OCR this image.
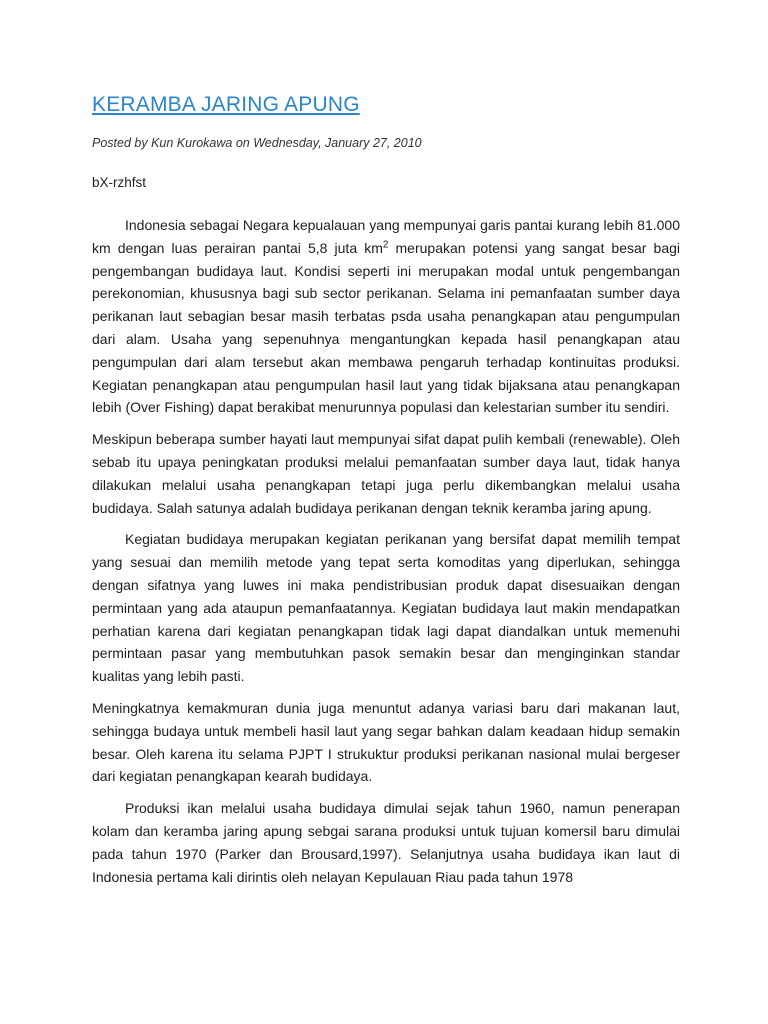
KERAMBA JARING APUNG

Posted by Kun Kurokawa on Wednesday, January 27, 2010

bX-rzhfst

Indonesia sebagai Negara kepualauan yang mempunyai garis pantai kurang lebih 81.000 km dengan luas perairan pantai 5,8 juta $km^2$ merupakan potensi yang sangat besar bagi pengembangan budidaya laut. Kondisi seperti ini merupakan modal untuk pengembangan perekonomian, khususnya bagi sub sector perikanan. Selama ini pemanfaatan sumber daya perikanan laut sebagian besar masih terbatas psda usaha penangkapan atau pengumpulan dari alam. Usaha yang sepenuhnya mengantungkan kepada hasil penangkapan atau pengumpulan dari alam tersebut akan membawa pengaruh terhadap kontinuitas produksi. Kegiatan penangkapan atau pengumpulan hasil laut yang tidak bijaksana atau penangkapan lebih (Over Fishing) dapat berakibat menurunnya populasi dan kelestarian sumber itu sendiri.

Meskipun beberapa sumber hayati laut mempunyai sifat dapat pulih kembali (renewable). Oleh sebab itu upaya peningkatan produksi melalui pemanfaatan sumber daya laut, tidak hanya dilakukan melalui usaha penangkapan tetapi juga perlu dikembangkan melalui usaha budidaya. Salah satunya adalah budidaya perikanan dengan teknik keramba jaring apung.

Kegiatan budidaya merupakan kegiatan perikanan yang bersifat dapat memilih tempat yang sesuai dan memilih metode yang tepat serta komoditas yang diperlukan, sehingga dengan sifatnya yang luwes ini maka pendistribusian produk dapat disesuaikan dengan permintaan yang ada ataupun pemanfaatannya. Kegiatan budidaya laut makin mendapatkan perhatian karena dari kegiatan penangkapan tidak lagi dapat diandalkan untuk memenuhi permintaan pasar yang membutuhkan pasok semakin besar dan menginginkan standar kualitas yang lebih pasti.

Meningkatnya kemakmuran dunia juga menuntut adanya variasi baru dari makanan laut, sehingga budaya untuk membeli hasil laut yang segar bahkan dalam keadaan hidup semakin besar. Oleh karena itu selama PJPT I strukuktur produksi perikanan nasional mulai bergeser dari kegiatan penangkapan kearah budidaya.

Produksi ikan melalui usaha budidaya dimulai sejak tahun 1960, namun penerapan kolam dan keramba jaring apung sebgai sarana produksi untuk tujuan komersil baru dimulai pada tahun 1970 (Parker dan Brousard,1997). Selanjutnya usaha budidaya ikan laut di Indonesia pertama kali dirintis oleh nelayan Kepulauan Riau pada tahun 1978
